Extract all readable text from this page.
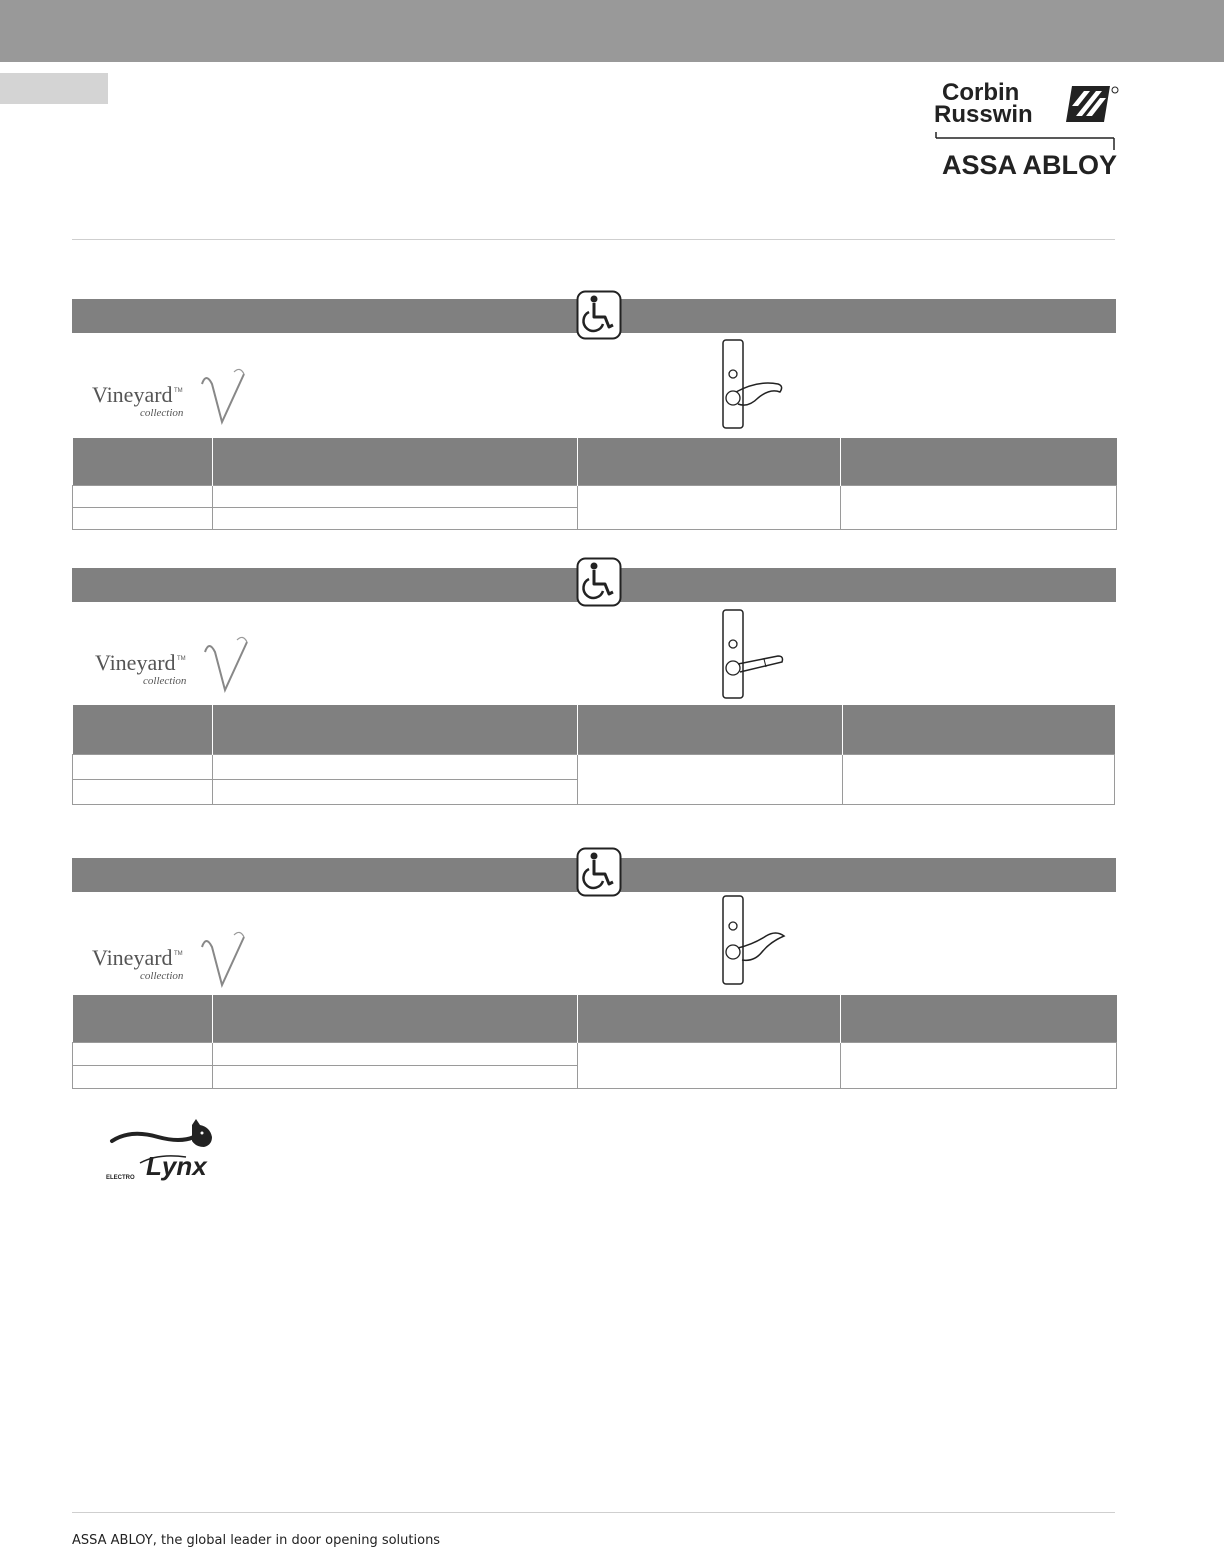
Corbin
Russwin
ASSA ABLOY
Vineyard TM
collection

Vineyard TM
collection

Vineyard TM
collection

Lynx
ELECTRO
ASSA ABLOY, the global leader in door opening solutions
